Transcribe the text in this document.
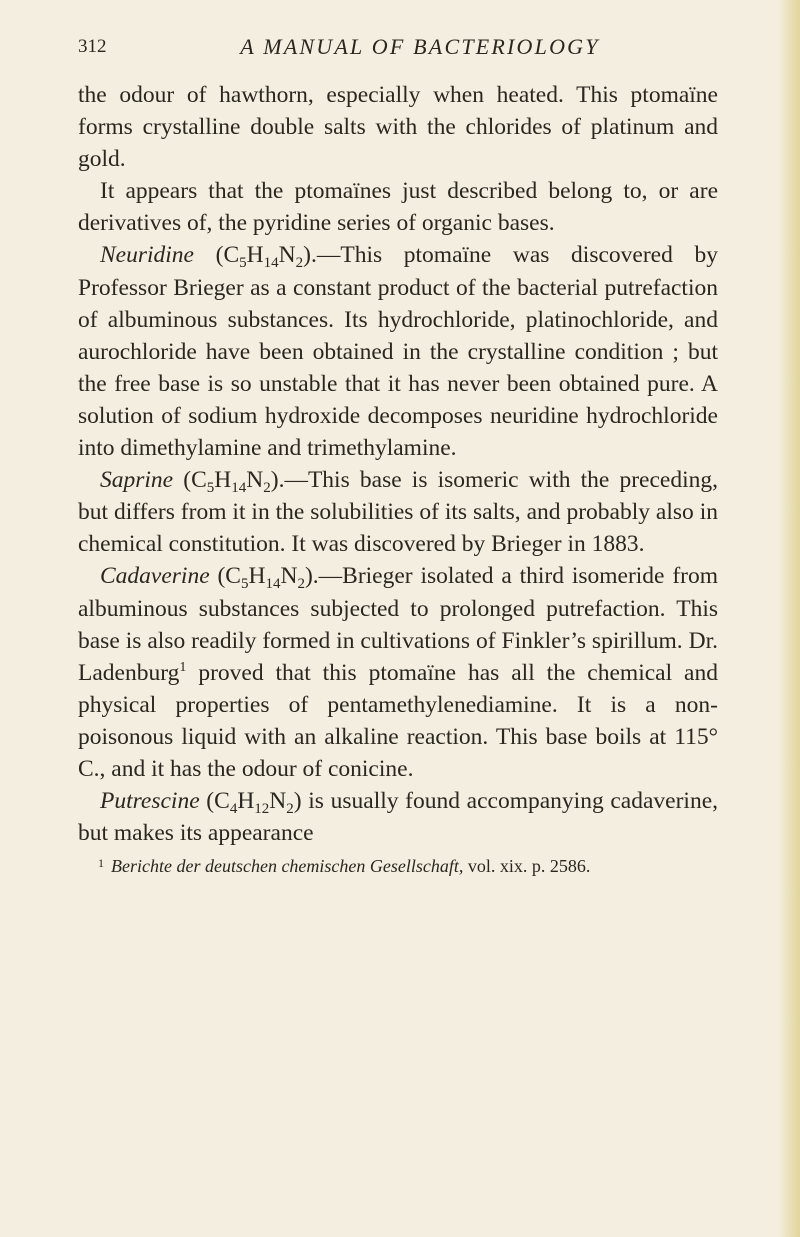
312	A MANUAL OF BACTERIOLOGY

the odour of hawthorn, especially when heated. This ptomaïne forms crystalline double salts with the chlorides of platinum and gold.

It appears that the ptomaïnes just described belong to, or are derivatives of, the pyridine series of organic bases.

Neuridine $(C_5H_{14}N_2).—This$ ptomaïne was discovered by Professor Brieger as a constant product of the bacterial putrefaction of albuminous substances. Its hydrochloride, platinochloride, and aurochloride have been obtained in the crystalline condition ; but the free base is so unstable that it has never been obtained pure. A solution of sodium hydroxide decomposes neuridine hydrochloride into dimethylamine and trimethylamine.

Saprine $(C_5H_{14}N_2).—This$ base is isomeric with the preceding, but differs from it in the solubilities of its salts, and probably also in chemical constitution. It was discovered by Brieger in 1883.

Cadaverine $(C_5H_{14}N_2).—Brieger$ isolated a third isomeride from albuminous substances subjected to prolonged putrefaction. This base is also readily formed in cultivations of Finkler’s spirillum. Dr. Ladenburg$^1$ proved that this ptomaïne has all the chemical and physical properties of pentamethylenediamine. It is a non-poisonous liquid with an alkaline reaction. This base boils at 115° C., and it has the odour of conicine.

Putrescine $(C_4H_{12}N_2)$ is usually found accompanying cadaverine, but makes its appearance

$^1$ Berichte der deutschen chemischen Gesellschaft, vol. xix. p. 2586.
